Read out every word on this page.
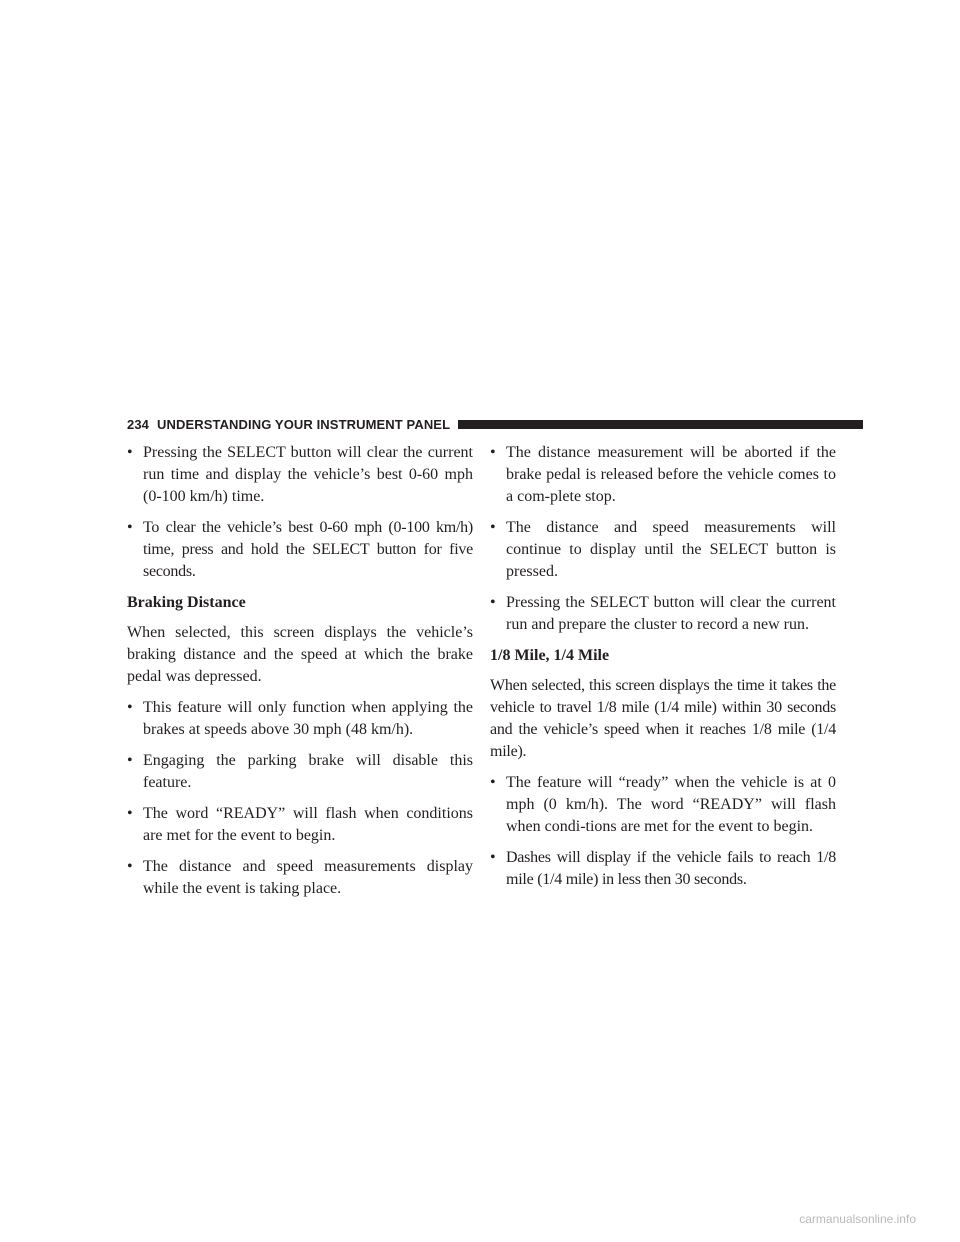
234 UNDERSTANDING YOUR INSTRUMENT PANEL
• Pressing the SELECT button will clear the current run time and display the vehicle’s best 0-60 mph (0-100 km/h) time.
• To clear the vehicle’s best 0-60 mph (0-100 km/h) time, press and hold the SELECT button for five seconds.
Braking Distance

When selected, this screen displays the vehicle’s braking distance and the speed at which the brake pedal was depressed.

• This feature will only function when applying the brakes at speeds above 30 mph (48 km/h).
• Engaging the parking brake will disable this feature.
• The word “READY” will flash when conditions are met for the event to begin.
• The distance and speed measurements display while the event is taking place.
• The distance measurement will be aborted if the brake pedal is released before the vehicle comes to a com-plete stop.
• The distance and speed measurements will continue to display until the SELECT button is pressed.
• Pressing the SELECT button will clear the current run and prepare the cluster to record a new run.
1/8 Mile, 1/4 Mile

When selected, this screen displays the time it takes the vehicle to travel 1/8 mile (1/4 mile) within 30 seconds and the vehicle’s speed when it reaches 1/8 mile (1/4 mile).

• The feature will “ready” when the vehicle is at 0 mph (0 km/h). The word “READY” will flash when condi-tions are met for the event to begin.
• Dashes will display if the vehicle fails to reach 1/8 mile (1/4 mile) in less then 30 seconds.
carmanualsonline.info
